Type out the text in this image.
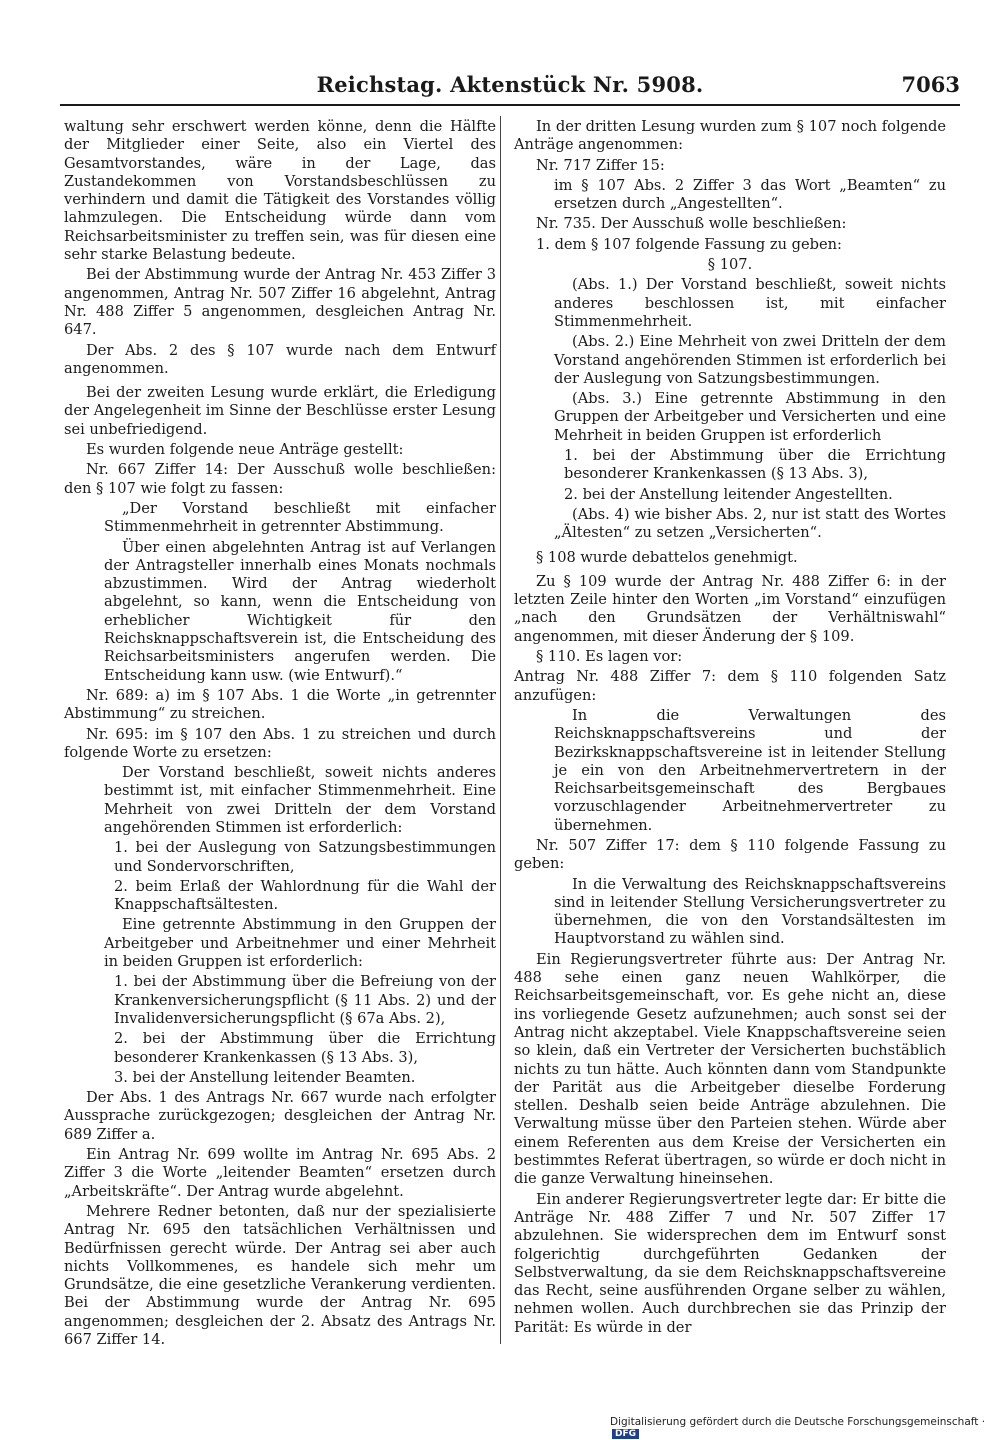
Reichstag. Aktenstück Nr. 5908.	7063

waltung sehr erschwert werden könne, denn die Hälfte der Mitglieder einer Seite, also ein Viertel des Gesamtvorstandes, wäre in der Lage, das Zustandekommen von Vorstandsbeschlüssen zu verhindern und damit die Tätigkeit des Vorstandes völlig lahmzulegen. Die Entscheidung würde dann vom Reichsarbeitsminister zu treffen sein, was für diesen eine sehr starke Belastung bedeute.

Bei der Abstimmung wurde der Antrag Nr. 453 Ziffer 3 angenommen, Antrag Nr. 507 Ziffer 16 abgelehnt, Antrag Nr. 488 Ziffer 5 angenommen, desgleichen Antrag Nr. 647.

Der Abs. 2 des § 107 wurde nach dem Entwurf angenommen.

Bei der zweiten Lesung wurde erklärt, die Erledigung der Angelegenheit im Sinne der Beschlüsse erster Lesung sei unbefriedigend.

Es wurden folgende neue Anträge gestellt:

Nr. 667 Ziffer 14: Der Ausschuß wolle beschließen: den § 107 wie folgt zu fassen:

„Der Vorstand beschließt mit einfacher Stimmenmehrheit in getrennter Abstimmung.

Über einen abgelehnten Antrag ist auf Verlangen der Antragsteller innerhalb eines Monats nochmals abzustimmen. Wird der Antrag wiederholt abgelehnt, so kann, wenn die Entscheidung von erheblicher Wichtigkeit für den Reichsknappschaftsverein ist, die Entscheidung des Reichsarbeitsministers angerufen werden. Die Entscheidung kann usw. (wie Entwurf).“

Nr. 689: a) im § 107 Abs. 1 die Worte „in getrennter Abstimmung“ zu streichen.

Nr. 695: im § 107 den Abs. 1 zu streichen und durch folgende Worte zu ersetzen:

Der Vorstand beschließt, soweit nichts anderes bestimmt ist, mit einfacher Stimmenmehrheit. Eine Mehrheit von zwei Dritteln der dem Vorstand angehörenden Stimmen ist erforderlich:

1. bei der Auslegung von Satzungsbestimmungen und Sondervorschriften,

2. beim Erlaß der Wahlordnung für die Wahl der Knappschaftsältesten.

Eine getrennte Abstimmung in den Gruppen der Arbeitgeber und Arbeitnehmer und einer Mehrheit in beiden Gruppen ist erforderlich:

1. bei der Abstimmung über die Befreiung von der Krankenversicherungspflicht (§ 11 Abs. 2) und der Invalidenversicherungspflicht (§ 67a Abs. 2),

2. bei der Abstimmung über die Errichtung besonderer Krankenkassen (§ 13 Abs. 3),

3. bei der Anstellung leitender Beamten.

Der Abs. 1 des Antrags Nr. 667 wurde nach erfolgter Aussprache zurückgezogen; desgleichen der Antrag Nr. 689 Ziffer a.

Ein Antrag Nr. 699 wollte im Antrag Nr. 695 Abs. 2 Ziffer 3 die Worte „leitender Beamten“ ersetzen durch „Arbeitskräfte“. Der Antrag wurde abgelehnt.

Mehrere Redner betonten, daß nur der spezialisierte Antrag Nr. 695 den tatsächlichen Verhältnissen und Bedürfnissen gerecht würde. Der Antrag sei aber auch nichts Vollkommenes, es handele sich mehr um Grundsätze, die eine gesetzliche Verankerung verdienten. Bei der Abstimmung wurde der Antrag Nr. 695 angenommen; desgleichen der 2. Absatz des Antrags Nr. 667 Ziffer 14.

In der dritten Lesung wurden zum § 107 noch folgende Anträge angenommen:

Nr. 717 Ziffer 15:

im § 107 Abs. 2 Ziffer 3 das Wort „Beamten“ zu ersetzen durch „Angestellten“.

Nr. 735. Der Ausschuß wolle beschließen:

1. dem § 107 folgende Fassung zu geben:

§ 107.

(Abs. 1.) Der Vorstand beschließt, soweit nichts anderes beschlossen ist, mit einfacher Stimmenmehrheit.

(Abs. 2.) Eine Mehrheit von zwei Dritteln der dem Vorstand angehörenden Stimmen ist erforderlich bei der Auslegung von Satzungsbestimmungen.

(Abs. 3.) Eine getrennte Abstimmung in den Gruppen der Arbeitgeber und Versicherten und eine Mehrheit in beiden Gruppen ist erforderlich

1. bei der Abstimmung über die Errichtung besonderer Krankenkassen (§ 13 Abs. 3),

2. bei der Anstellung leitender Angestellten.

(Abs. 4) wie bisher Abs. 2, nur ist statt des Wortes „Ältesten“ zu setzen „Versicherten“.

§ 108 wurde debattelos genehmigt.

Zu § 109 wurde der Antrag Nr. 488 Ziffer 6: in der letzten Zeile hinter den Worten „im Vorstand“ einzufügen „nach den Grundsätzen der Verhältniswahl“ angenommen, mit dieser Änderung der § 109.

§ 110. Es lagen vor:

Antrag Nr. 488 Ziffer 7: dem § 110 folgenden Satz anzufügen:

In die Verwaltungen des Reichsknappschaftsvereins und der Bezirksknappschaftsvereine ist in leitender Stellung je ein von den Arbeitnehmervertretern in der Reichsarbeitsgemeinschaft des Bergbaues vorzuschlagender Arbeitnehmervertreter zu übernehmen.

Nr. 507 Ziffer 17: dem § 110 folgende Fassung zu geben:

In die Verwaltung des Reichsknappschaftsvereins sind in leitender Stellung Versicherungsvertreter zu übernehmen, die von den Vorstandsältesten im Hauptvorstand zu wählen sind.

Ein Regierungsvertreter führte aus: Der Antrag Nr. 488 sehe einen ganz neuen Wahlkörper, die Reichsarbeitsgemeinschaft, vor. Es gehe nicht an, diese ins vorliegende Gesetz aufzunehmen; auch sonst sei der Antrag nicht akzeptabel. Viele Knappschaftsvereine seien so klein, daß ein Vertreter der Versicherten buchstäblich nichts zu tun hätte. Auch könnten dann vom Standpunkte der Parität aus die Arbeitgeber dieselbe Forderung stellen. Deshalb seien beide Anträge abzulehnen. Die Verwaltung müsse über den Parteien stehen. Würde aber einem Referenten aus dem Kreise der Versicherten ein bestimmtes Referat übertragen, so würde er doch nicht in die ganze Verwaltung hineinsehen.

Ein anderer Regierungsvertreter legte dar: Er bitte die Anträge Nr. 488 Ziffer 7 und Nr. 507 Ziffer 17 abzulehnen. Sie widersprechen dem im Entwurf sonst folgerichtig durchgeführten Gedanken der Selbstverwaltung, da sie dem Reichsknappschaftsvereine das Recht, seine ausführenden Organe selber zu wählen, nehmen wollen. Auch durchbrechen sie das Prinzip der Parität: Es würde in der

Digitalisierung gefördert durch die Deutsche Forschungsgemeinschaft ·DFG
